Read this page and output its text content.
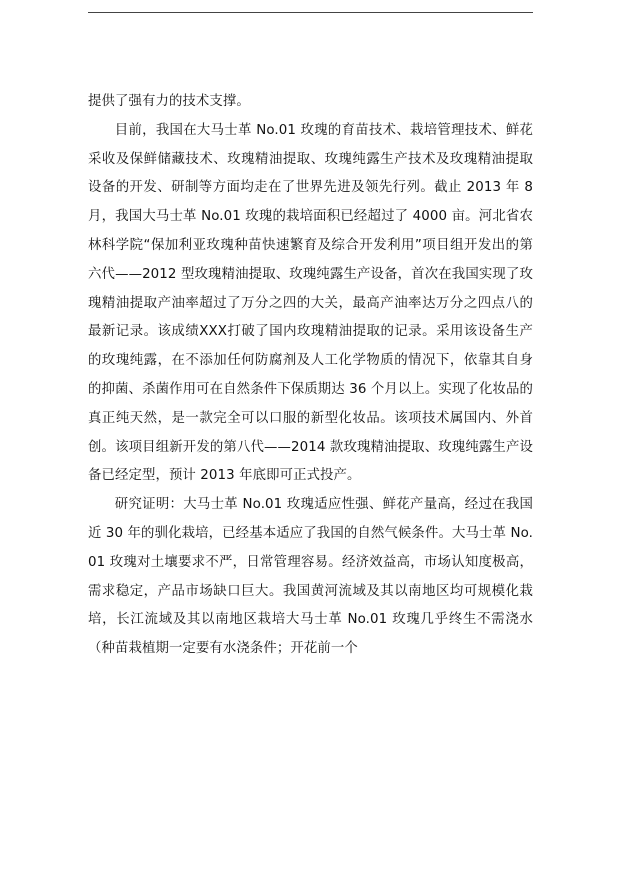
提供了强有力的技术支撑。

目前，我国在大马士革 No.01 玫瑰的育苗技术、栽培管理技术、鲜花采收及保鲜储藏技术、玫瑰精油提取、玫瑰纯露生产技术及玫瑰精油提取设备的开发、研制等方面均走在了世界先进及领先行列。截止 2013 年 8 月，我国大马士革 No.01 玫瑰的栽培面积已经超过了 4000 亩。河北省农林科学院“保加利亚玫瑰种苗快速繁育及综合开发利用”项目组开发出的第六代——2012 型玫瑰精油提取、玫瑰纯露生产设备，首次在我国实现了玫瑰精油提取产油率超过了万分之四的大关，最高产油率达万分之四点八的最新记录。该成绩XXX打破了国内玫瑰精油提取的记录。采用该设备生产的玫瑰纯露，在不添加任何防腐剂及人工化学物质的情况下，依靠其自身的抑菌、杀菌作用可在自然条件下保质期达 36 个月以上。实现了化妆品的真正纯天然，是一款完全可以口服的新型化妆品。该项技术属国内、外首创。该项目组新开发的第八代——2014 款玫瑰精油提取、玫瑰纯露生产设备已经定型，预计 2013 年底即可正式投产。

研究证明：大马士革 No.01 玫瑰适应性强、鲜花产量高，经过在我国近 30 年的驯化栽培，已经基本适应了我国的自然气候条件。大马士革 No.01 玫瑰对土壤要求不严，日常管理容易。经济效益高，市场认知度极高，需求稳定，产品市场缺口巨大。我国黄河流域及其以南地区均可规模化栽培，长江流域及其以南地区栽培大马士革 No.01 玫瑰几乎终生不需浇水（种苗栽植期一定要有水浇条件；开花前一个
